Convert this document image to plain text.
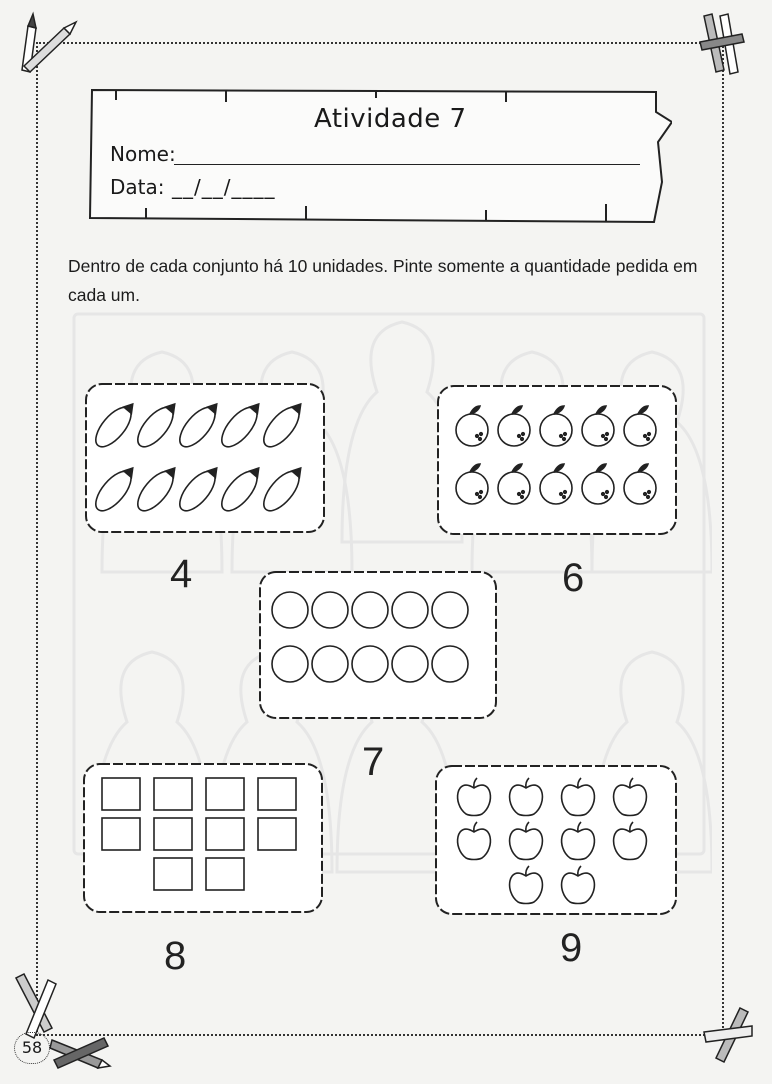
Atividade 7
Nome:
Data: __/__/____
Dentro de cada conjunto há 10 unidades. Pinte somente a quantidade pedida em cada um.
4	6
7
8	9
58
